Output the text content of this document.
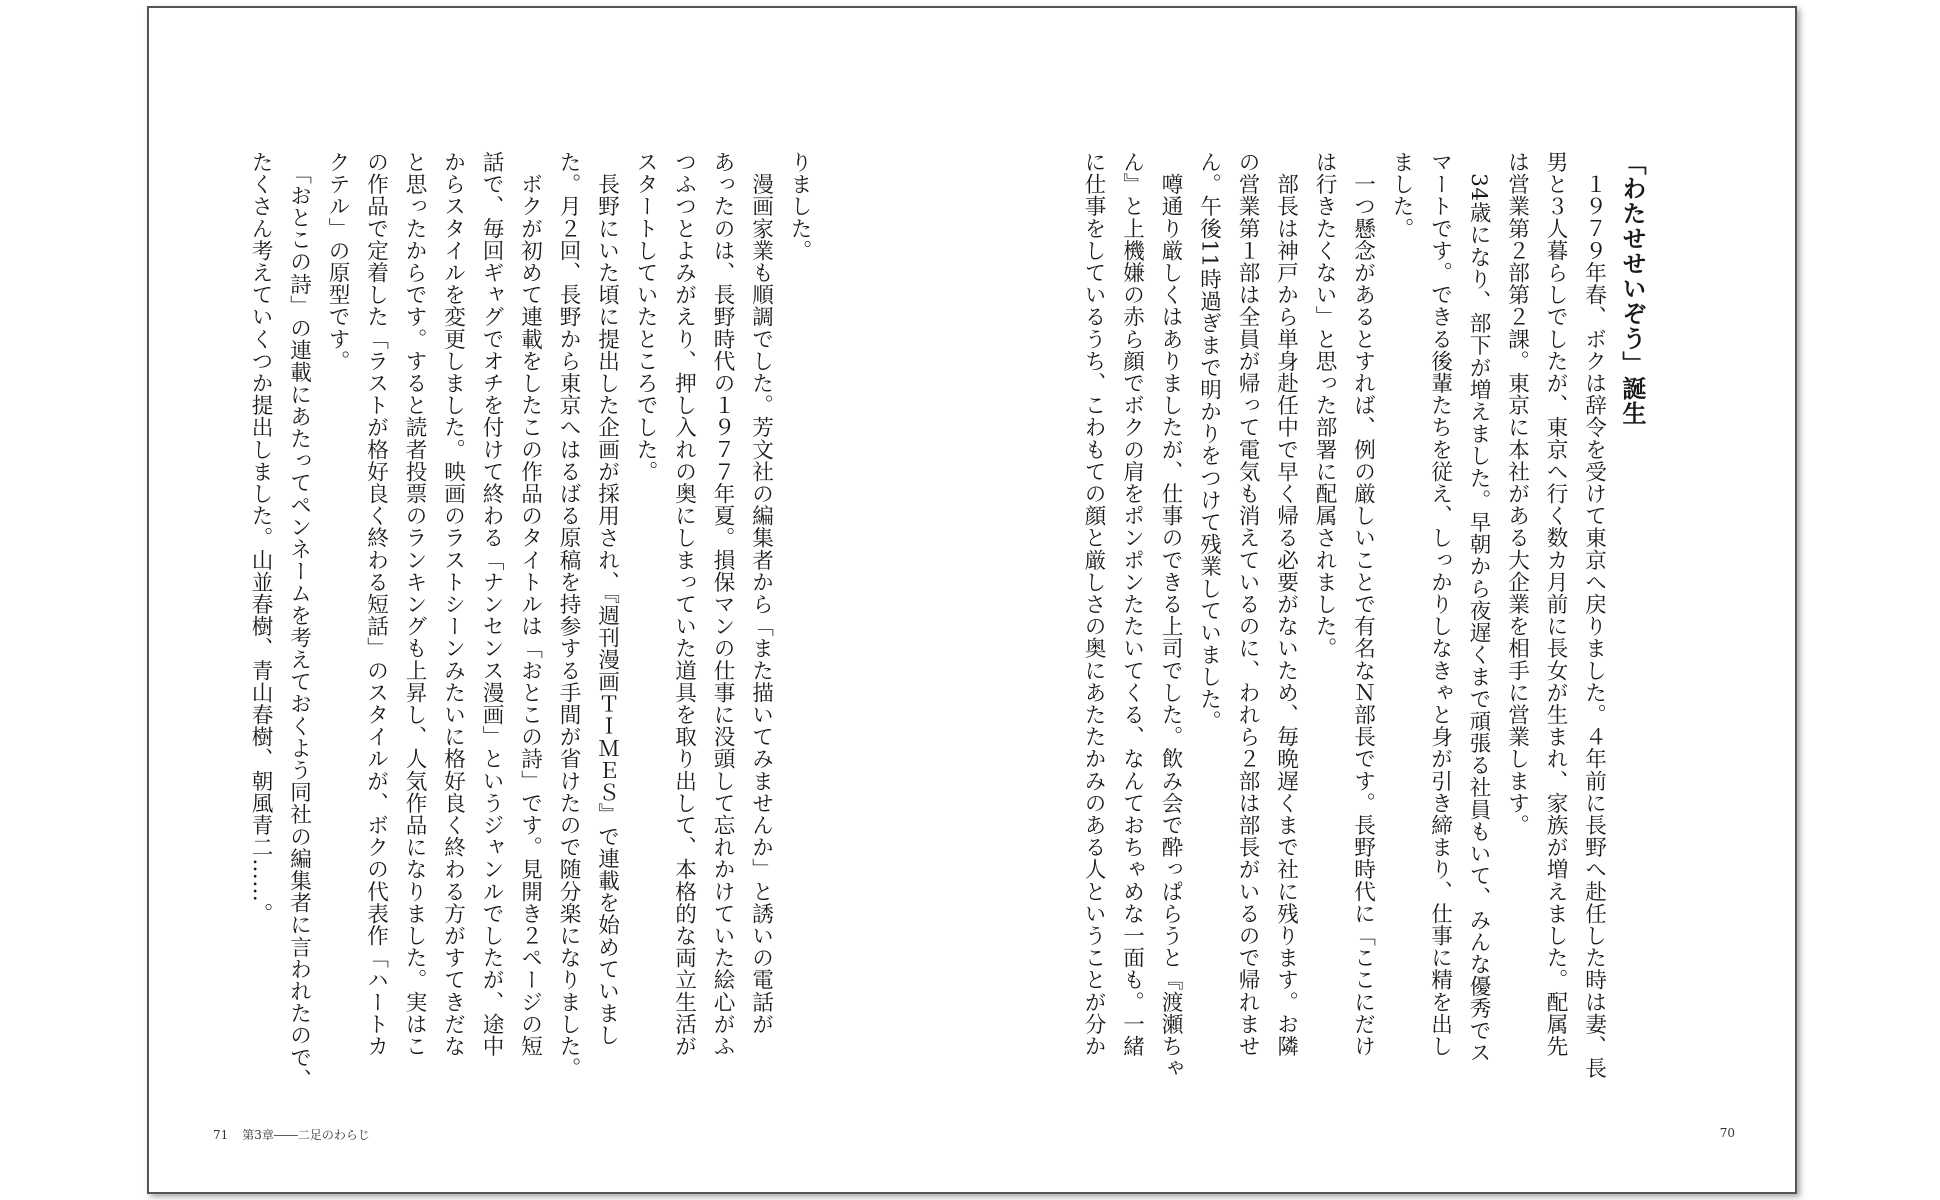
りました。
　漫画家業も順調でした。芳文社の編集者から「また描いてみませんか」と誘いの電話が
あったのは、長野時代の１９７７年夏。損保マンの仕事に没頭して忘れかけていた絵心がふ
つふつとよみがえり、押し入れの奥にしまっていた道具を取り出して、本格的な両立生活が
スタートしていたところでした。
　長野にいた頃に提出した企画が採用され、『週刊漫画ＴＩＭＥＳ』で連載を始めていまし
た。月２回、長野から東京へはるばる原稿を持参する手間が省けたので随分楽になりました。
　ボクが初めて連載をしたこの作品のタイトルは「おとこの詩」です。見開き２ページの短
話で、毎回ギャグでオチを付けて終わる「ナンセンス漫画」というジャンルでしたが、途中
からスタイルを変更しました。映画のラストシーンみたいに格好良く終わる方がすてきだな
と思ったからです。すると読者投票のランキングも上昇し、人気作品になりました。実はこ
の作品で定着した「ラストが格好良く終わる短話」のスタイルが、ボクの代表作「ハートカ
クテル」の原型です。
　「おとこの詩」の連載にあたってペンネームを考えておくよう同社の編集者に言われたので、
たくさん考えていくつか提出しました。山並春樹、青山春樹、朝風青二……。
71 第3章――二足のわらじ
「わたせせいぞう」誕生
　１９７９年春、ボクは辞令を受けて東京へ戻りました。４年前に長野へ赴任した時は妻、長
男と３人暮らしでしたが、東京へ行く数カ月前に長女が生まれ、家族が増えました。配属先
は営業第２部第２課。東京に本社がある大企業を相手に営業します。
　34歳になり、部下が増えました。早朝から夜遅くまで頑張る社員もいて、みんな優秀でス
マートです。できる後輩たちを従え、しっかりしなきゃと身が引き締まり、仕事に精を出し
ました。
　一つ懸念があるとすれば、例の厳しいことで有名なＮ部長です。長野時代に「ここにだけ
は行きたくない」と思った部署に配属されました。
　部長は神戸から単身赴任中で早く帰る必要がないため、毎晩遅くまで社に残ります。お隣
の営業第１部は全員が帰って電気も消えているのに、われら２部は部長がいるので帰れませ
ん。午後11時過ぎまで明かりをつけて残業していました。
　噂通り厳しくはありましたが、仕事のできる上司でした。飲み会で酔っぱらうと『渡瀬ちゃ
ん』と上機嫌の赤ら顔でボクの肩をポンポンたたいてくる、なんておちゃめな一面も。一緒
に仕事をしているうち、こわもての顔と厳しさの奥にあたたかみのある人ということが分か
70
